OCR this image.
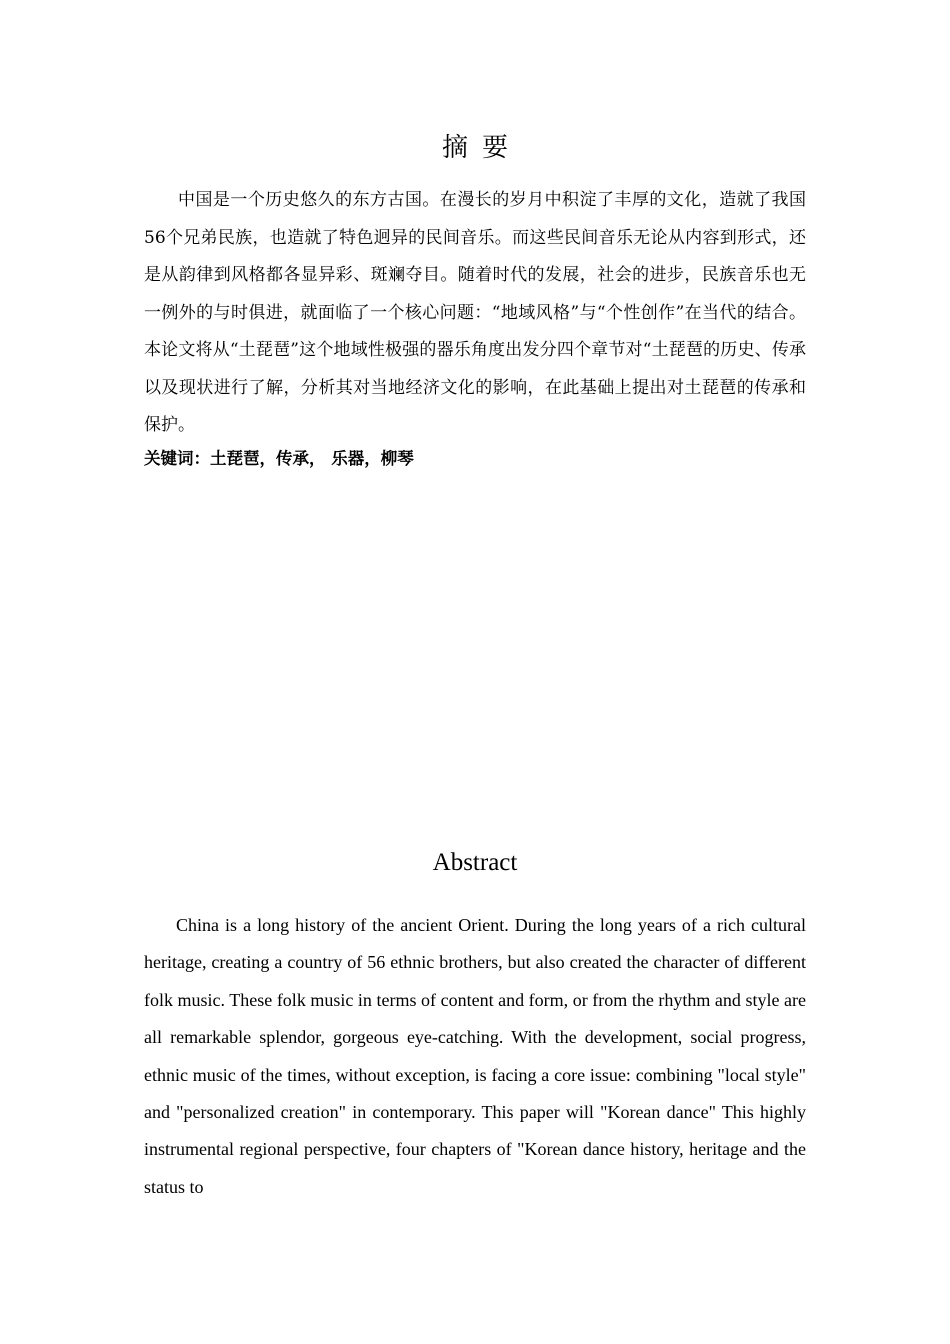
摘要

中国是一个历史悠久的东方古国。在漫长的岁月中积淀了丰厚的文化，造就了我国56个兄弟民族，也造就了特色迥异的民间音乐。而这些民间音乐无论从内容到形式，还是从韵律到风格都各显异彩、斑斓夺目。随着时代的发展，社会的进步，民族音乐也无一例外的与时俱进，就面临了一个核心问题：“地域风格”与“个性创作”在当代的结合。本论文将从“土琵琶”这个地域性极强的器乐角度出发分四个章节对“土琵琶的历史、传承以及现状进行了解，分析其对当地经济文化的影响，在此基础上提出对土琵琶的传承和保护。

关键词：土琵琶，传承， 乐器，柳琴

Abstract

China is a long history of the ancient Orient. During the long years of a rich cultural heritage, creating a country of 56 ethnic brothers, but also created the character of different folk music. These folk music in terms of content and form, or from the rhythm and style are all remarkable splendor, gorgeous eye-catching. With the development, social progress, ethnic music of the times, without exception, is facing a core issue: combining "local style" and "personalized creation" in contemporary. This paper will "Korean dance" This highly instrumental regional perspective, four chapters of "Korean dance history, heritage and the status to
